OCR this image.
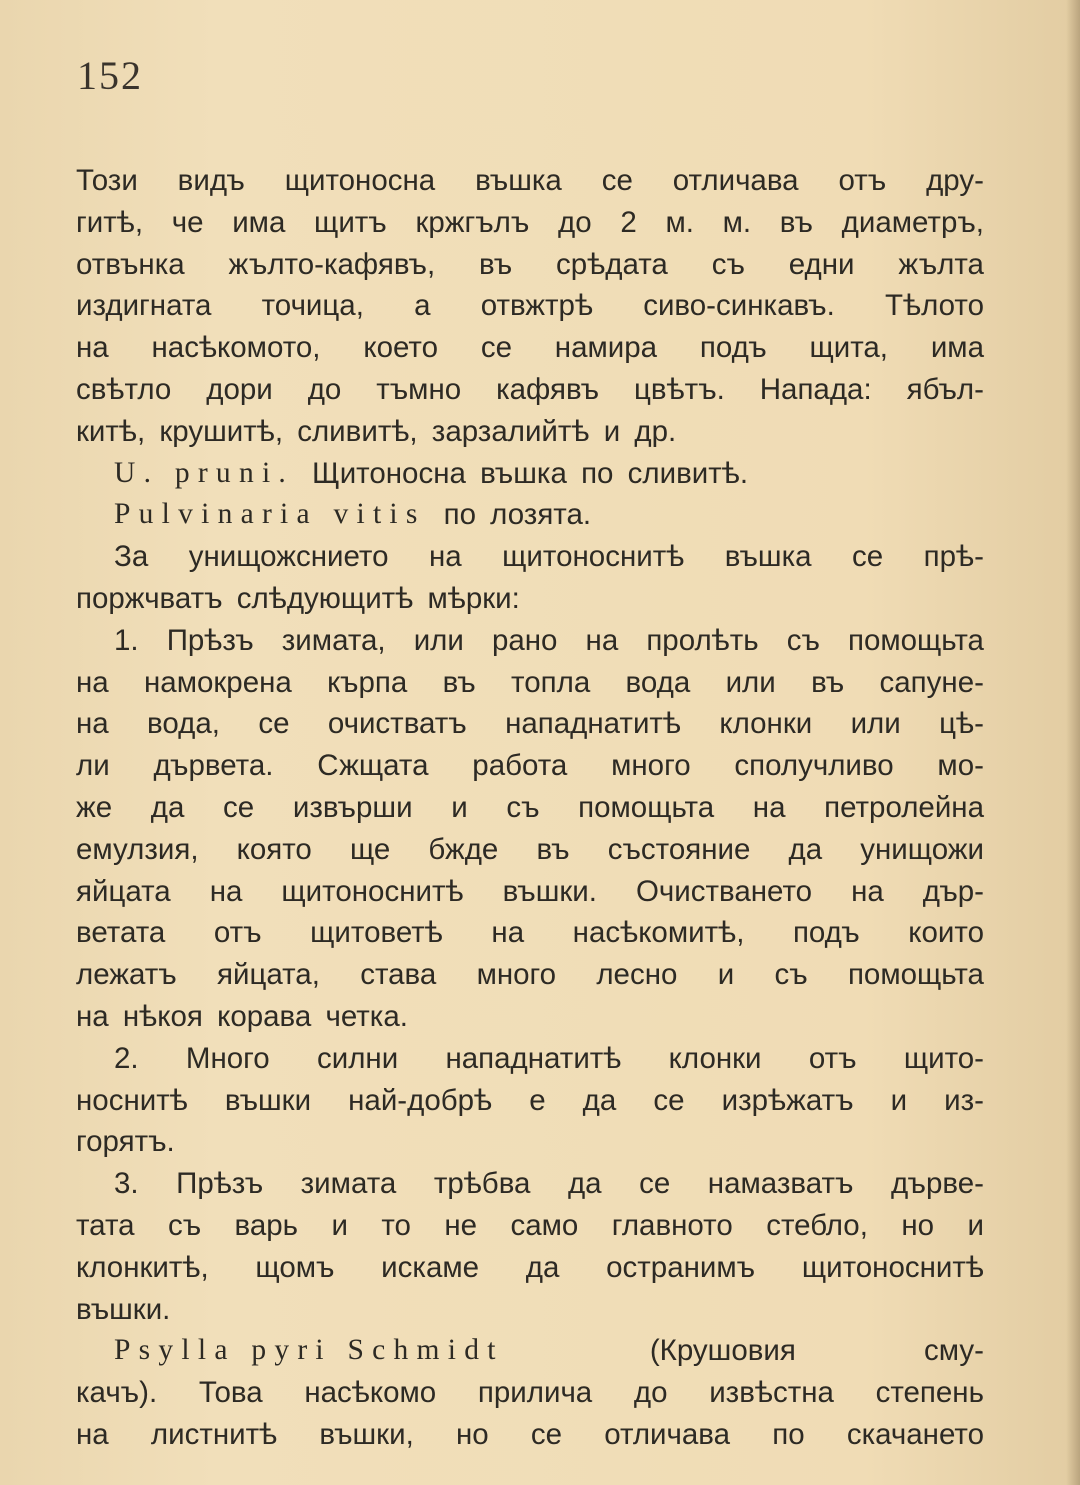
152
Този видъ щитоносна въшка се отличава отъ дру-
гитѣ, че има щитъ кржгълъ до 2 м. м. въ диаметръ,
отвънка жълто-кафявъ, въ срѣдата съ едни жълта
издигната точица, а отвжтрѣ сиво-синкавъ. Тѣлото
на насѣкомото, което се намира подъ щита, има
свѣтло дори до тъмно кафявъ цвѣтъ. Напада: ябъл-
китѣ, крушитѣ, сливитѣ, зарзалийтѣ и др.
U. pruni. Щитоносна въшка по сливитѣ.
Pulvinaria vitis по лозята.
За унищожснието на щитоноснитѣ въшка се прѣ-
поржчватъ слѣдующитѣ мѣрки:
1. Прѣзъ зимата, или рано на пролѣть съ помощьта
на намокрена кърпа въ топла вода или въ сапуне-
на вода, се очистватъ нападнатитѣ клонки или цѣ-
ли дървета. Сжщата работа много сполучливо мо-
же да се извърши и съ помощьта на петролейна
емулзия, която ще бжде въ състояние да унищожи
яйцата на щитоноснитѣ въшки. Очистването на дър-
ветата отъ щитоветѣ на насѣкомитѣ, подъ които
лежатъ яйцата, става много лесно и съ помощьта
на нѣкоя корава четка.
2. Много силни нападнатитѣ клонки отъ щито-
носнитѣ въшки най-добрѣ е да се изрѣжатъ и из-
горятъ.
3. Прѣзъ зимата трѣбва да се намазватъ дърве-
тата съ варь и то не само главното стебло, но и
клонкитѣ, щомъ искаме да остранимъ щитоноснитѣ
въшки.
Psylla pyri Schmidt	(Крушовия	сму-
качъ). Това насѣкомо прилича до извѣстна степень
на листнитѣ въшки, но се отличава по скачането
